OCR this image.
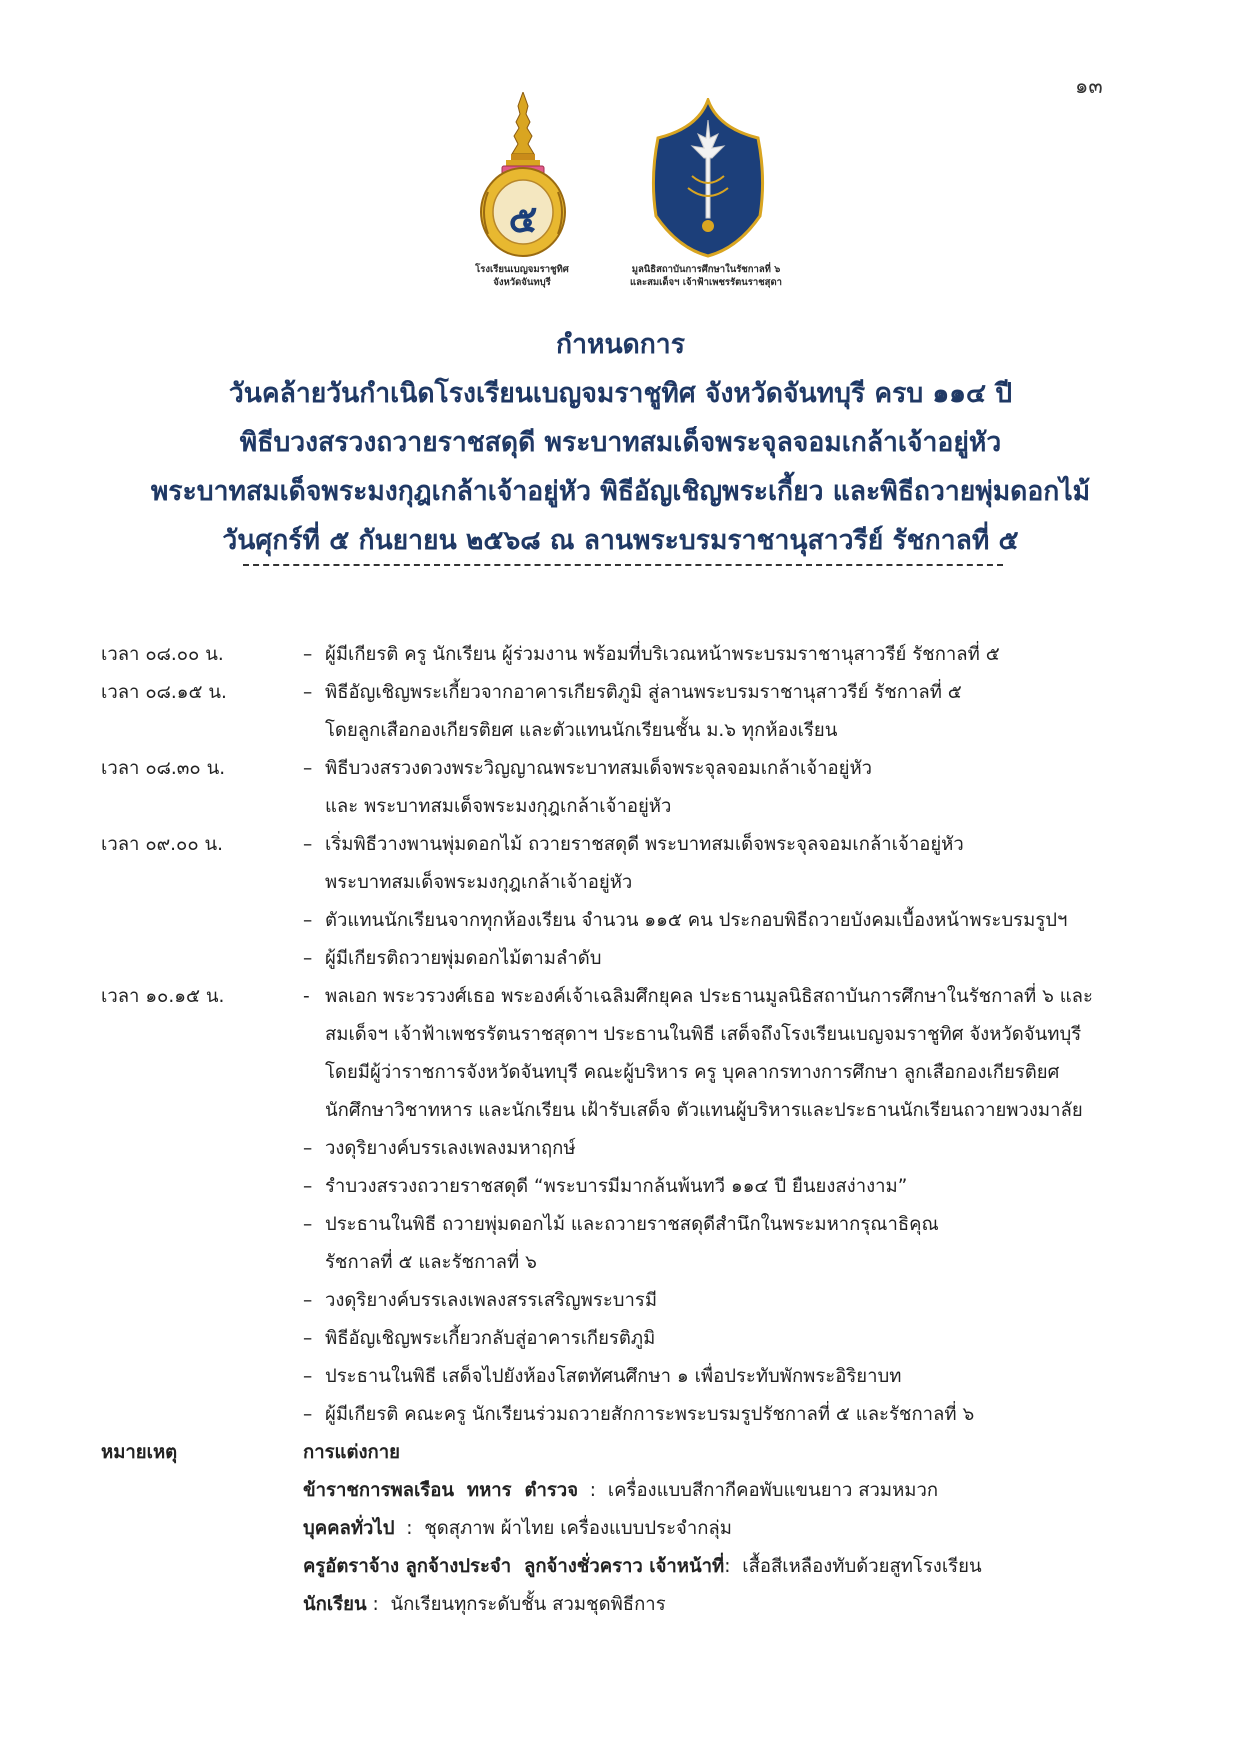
๑๓
๕
โรงเรียนเบญจมราชูทิศ
จังหวัดจันทบุรี
มูลนิธิสถาบันการศึกษาในรัชกาลที่ ๖
และสมเด็จฯ เจ้าฟ้าเพชรรัตนราชสุดา
กำหนดการ
วันคล้ายวันกำเนิดโรงเรียนเบญจมราชูทิศ จังหวัดจันทบุรี ครบ ๑๑๔ ปี
พิธีบวงสรวงถวายราชสดุดี พระบาทสมเด็จพระจุลจอมเกล้าเจ้าอยู่หัว
พระบาทสมเด็จพระมงกุฎเกล้าเจ้าอยู่หัว พิธีอัญเชิญพระเกี้ยว และพิธีถวายพุ่มดอกไม้
วันศุกร์ที่ ๕ กันยายน ๒๕๖๘ ณ ลานพระบรมราชานุสาวรีย์ รัชกาลที่ ๕
เวลา ๐๘.๐๐ น.	– ผู้มีเกียรติ ครู นักเรียน ผู้ร่วมงาน พร้อมที่บริเวณหน้าพระบรมราชานุสาวรีย์ รัชกาลที่ ๕
เวลา ๐๘.๑๕ น.	– พิธีอัญเชิญพระเกี้ยวจากอาคารเกียรติภูมิ สู่ลานพระบรมราชานุสาวรีย์ รัชกาลที่ ๕
โดยลูกเสือกองเกียรติยศ และตัวแทนนักเรียนชั้น ม.๖ ทุกห้องเรียน
เวลา ๐๘.๓๐ น.	– พิธีบวงสรวงดวงพระวิญญาณพระบาทสมเด็จพระจุลจอมเกล้าเจ้าอยู่หัว
และ พระบาทสมเด็จพระมงกุฎเกล้าเจ้าอยู่หัว
เวลา ๐๙.๐๐ น.	– เริ่มพิธีวางพานพุ่มดอกไม้ ถวายราชสดุดี พระบาทสมเด็จพระจุลจอมเกล้าเจ้าอยู่หัว
พระบาทสมเด็จพระมงกุฎเกล้าเจ้าอยู่หัว
– ตัวแทนนักเรียนจากทุกห้องเรียน จำนวน ๑๑๕ คน ประกอบพิธีถวายบังคมเบื้องหน้าพระบรมรูปฯ
– ผู้มีเกียรติถวายพุ่มดอกไม้ตามลำดับ
เวลา ๑๐.๑๕ น.	- พลเอก พระวรวงศ์เธอ พระองค์เจ้าเฉลิมศึกยุคล ประธานมูลนิธิสถาบันการศึกษาในรัชกาลที่ ๖ และ
สมเด็จฯ เจ้าฟ้าเพชรรัตนราชสุดาฯ ประธานในพิธี เสด็จถึงโรงเรียนเบญจมราชูทิศ จังหวัดจันทบุรี
โดยมีผู้ว่าราชการจังหวัดจันทบุรี คณะผู้บริหาร ครู บุคลากรทางการศึกษา ลูกเสือกองเกียรติยศ
นักศึกษาวิชาทหาร และนักเรียน เฝ้ารับเสด็จ ตัวแทนผู้บริหารและประธานนักเรียนถวายพวงมาลัย
– วงดุริยางค์บรรเลงเพลงมหาฤกษ์
– รำบวงสรวงถวายราชสดุดี “พระบารมีมากล้นพ้นทวี ๑๑๔ ปี ยืนยงสง่างาม”
– ประธานในพิธี ถวายพุ่มดอกไม้ และถวายราชสดุดีสำนึกในพระมหากรุณาธิคุณ
รัชกาลที่ ๕ และรัชกาลที่ ๖
– วงดุริยางค์บรรเลงเพลงสรรเสริญพระบารมี
– พิธีอัญเชิญพระเกี้ยวกลับสู่อาคารเกียรติภูมิ
– ประธานในพิธี เสด็จไปยังห้องโสตทัศนศึกษา ๑ เพื่อประทับพักพระอิริยาบท
– ผู้มีเกียรติ คณะครู นักเรียนร่วมถวายสักการะพระบรมรูปรัชกาลที่ ๕ และรัชกาลที่ ๖
หมายเหตุ	การแต่งกาย
ข้าราชการพลเรือน  ทหาร  ตำรวจ  :  เครื่องแบบสีกากีคอพับแขนยาว สวมหมวก
บุคคลทั่วไป  :  ชุดสุภาพ ผ้าไทย เครื่องแบบประจำกลุ่ม
ครูอัตราจ้าง ลูกจ้างประจำ  ลูกจ้างชั่วคราว เจ้าหน้าที่:  เสื้อสีเหลืองทับด้วยสูทโรงเรียน
นักเรียน :  นักเรียนทุกระดับชั้น สวมชุดพิธีการ
